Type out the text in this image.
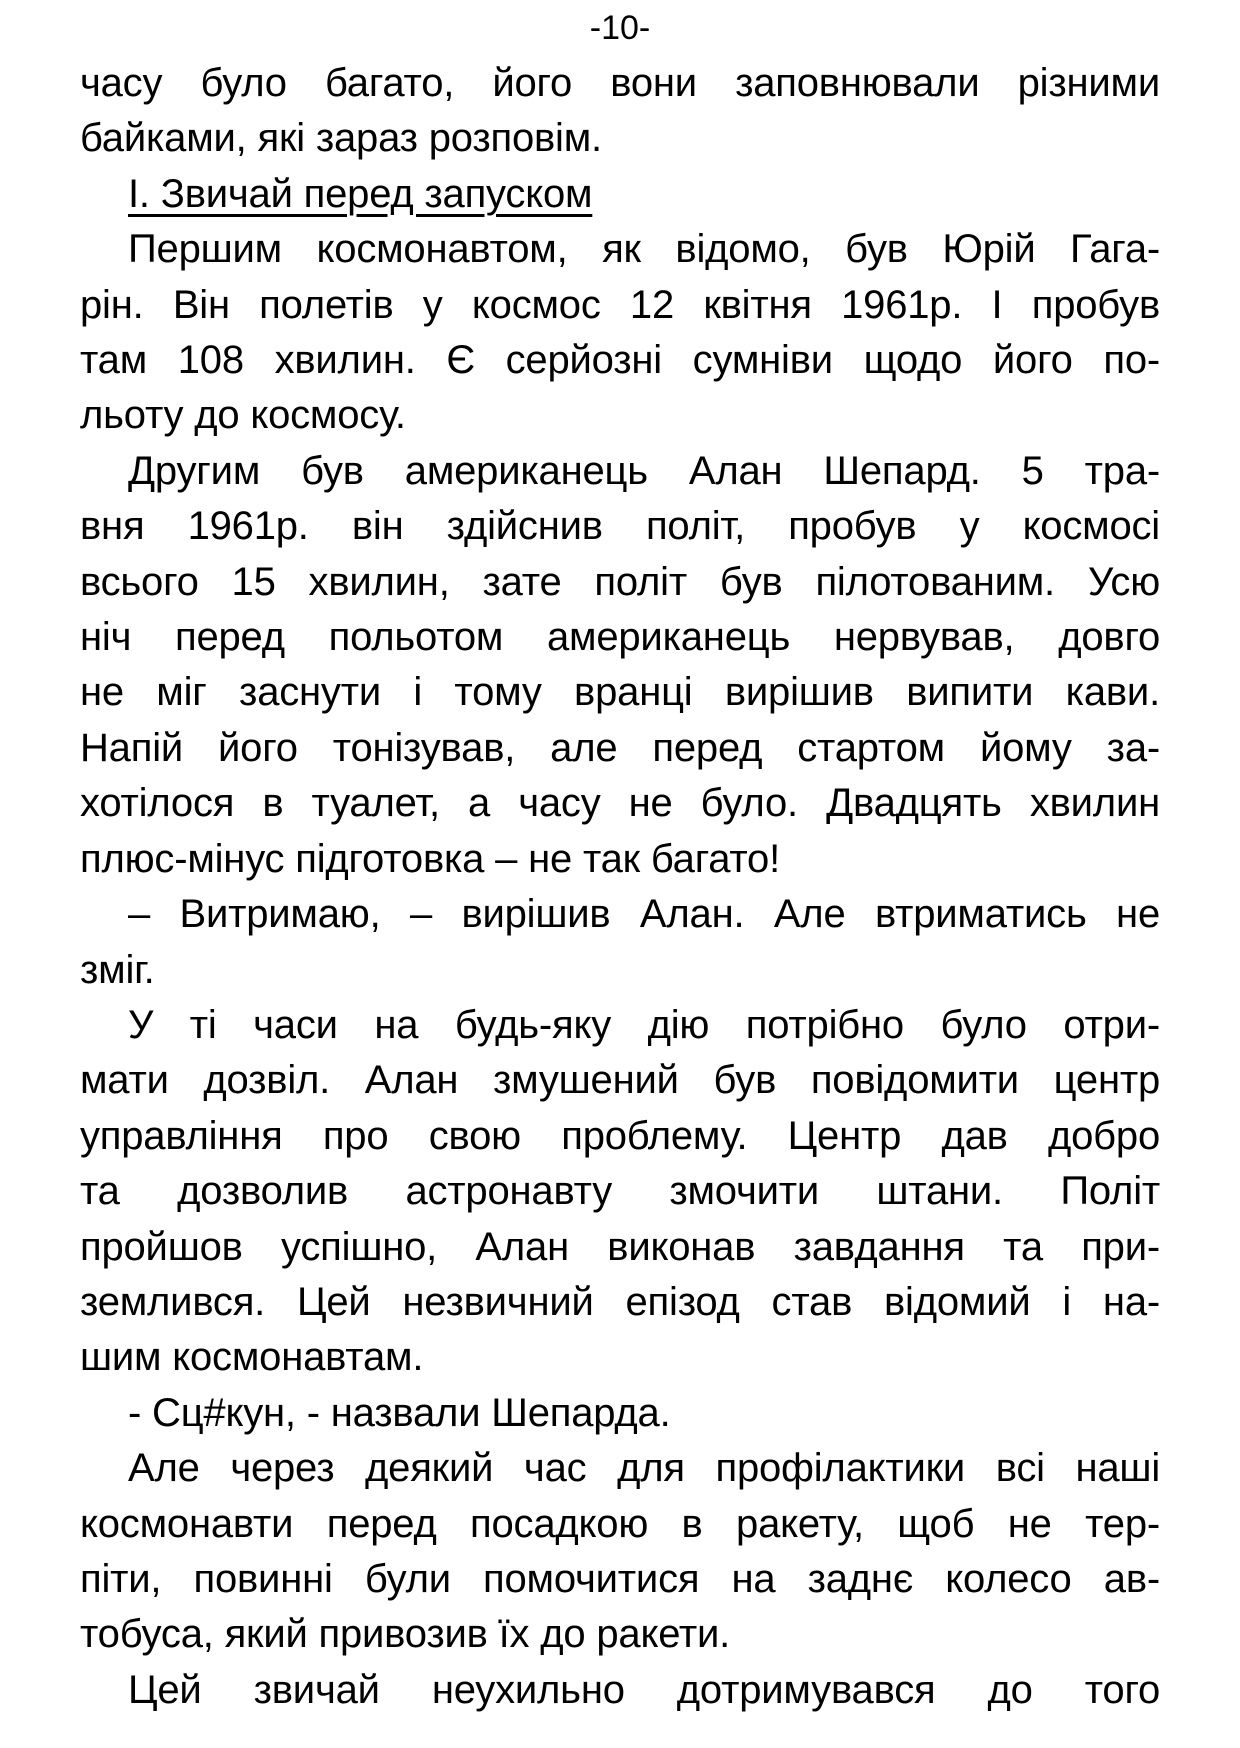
-10-
часу було багато, його вони заповнювали різними
байками, які зараз розповім.
І. Звичай перед запуском
Першим космонавтом, як відомо, був Юрій Гага-
рін. Він полетів у космос 12 квітня 1961р. І пробув
там 108 хвилин. Є серйозні сумніви щодо його по-
льоту до космосу.
Другим був американець Алан Шепард. 5 тра-
вня 1961р. він здійснив політ, пробув у космосі
всього 15 хвилин, зате політ був пілотованим. Усю
ніч перед польотом американець нервував, довго
не міг заснути і тому вранці вирішив випити кави.
Напій його тонізував, але перед стартом йому за-
хотілося в туалет, а часу не було. Двадцять хвилин
плюс-мінус підготовка – не так багато!
– Витримаю, – вирішив Алан. Але втриматись не
зміг.
У ті часи на будь-яку дію потрібно було отри-
мати дозвіл. Алан змушений був повідомити центр
управління про свою проблему. Центр дав добро
та дозволив астронавту змочити штани. Політ
пройшов успішно, Алан виконав завдання та при-
землився. Цей незвичний епізод став відомий і на-
шим космонавтам.
- Сц#кун, - назвали Шепарда.
Але через деякий час для профілактики всі наші
космонавти перед посадкою в ракету, щоб не тер-
піти, повинні були помочитися на заднє колесо ав-
тобуса, який привозив їх до ракети.
Цей звичай неухильно дотримувався до того
